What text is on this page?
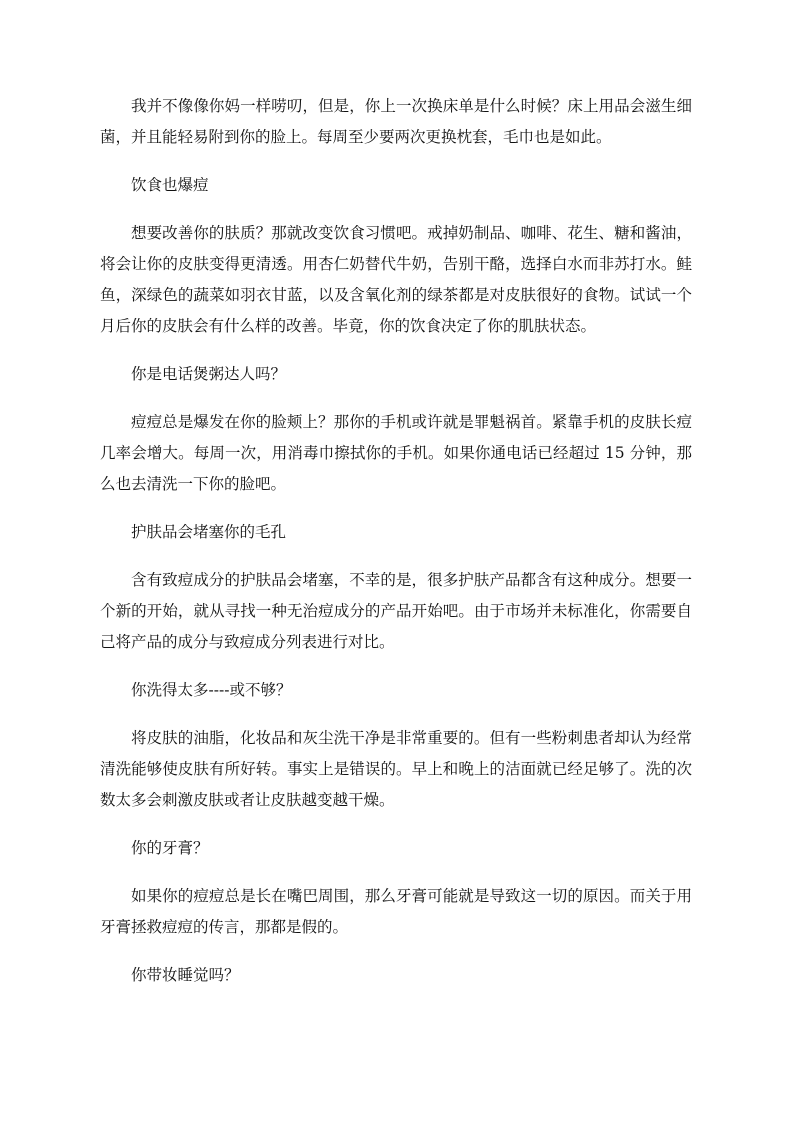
我并不像像你妈一样唠叨，但是，你上一次换床单是什么时候？床上用品会滋生细菌，并且能轻易附到你的脸上。每周至少要两次更换枕套，毛巾也是如此。

饮食也爆痘

想要改善你的肤质？那就改变饮食习惯吧。戒掉奶制品、咖啡、花生、糖和酱油，将会让你的皮肤变得更清透。用杏仁奶替代牛奶，告别干酪，选择白水而非苏打水。鲑鱼，深绿色的蔬菜如羽衣甘蓝，以及含氧化剂的绿茶都是对皮肤很好的食物。试试一个月后你的皮肤会有什么样的改善。毕竟，你的饮食决定了你的肌肤状态。

你是电话煲粥达人吗？

痘痘总是爆发在你的脸颊上？那你的手机或许就是罪魁祸首。紧靠手机的皮肤长痘几率会增大。每周一次，用消毒巾擦拭你的手机。如果你通电话已经超过 15 分钟，那么也去清洗一下你的脸吧。

护肤品会堵塞你的毛孔

含有致痘成分的护肤品会堵塞，不幸的是，很多护肤产品都含有这种成分。想要一个新的开始，就从寻找一种无治痘成分的产品开始吧。由于市场并未标准化，你需要自己将产品的成分与致痘成分列表进行对比。

你洗得太多----或不够？

将皮肤的油脂，化妆品和灰尘洗干净是非常重要的。但有一些粉刺患者却认为经常清洗能够使皮肤有所好转。事实上是错误的。早上和晚上的洁面就已经足够了。洗的次数太多会刺激皮肤或者让皮肤越变越干燥。

你的牙膏？

如果你的痘痘总是长在嘴巴周围，那么牙膏可能就是导致这一切的原因。而关于用牙膏拯救痘痘的传言，那都是假的。

你带妆睡觉吗？
